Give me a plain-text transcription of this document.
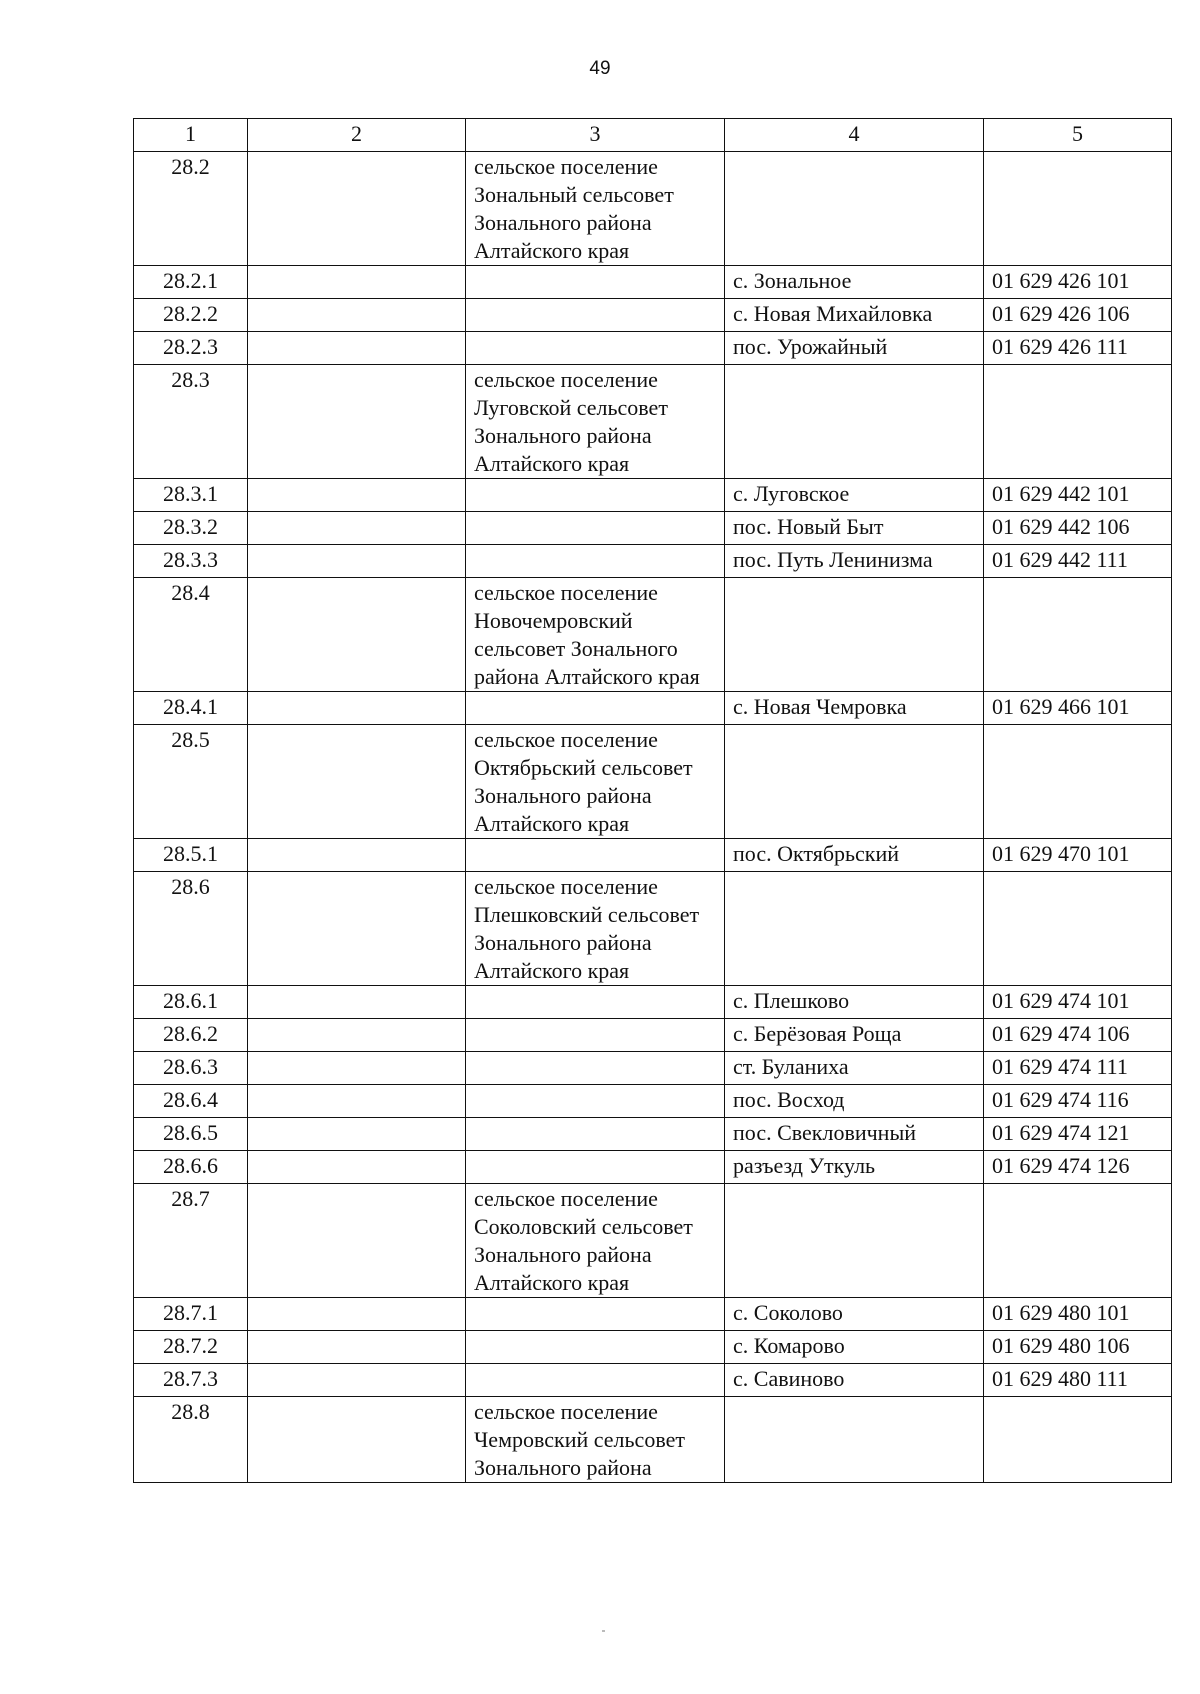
49
1	2	3	4	5
28.2		сельское поселение Зональный сельсовет Зонального района Алтайского края		
28.2.1			с. Зональное	01 629 426 101
28.2.2			с. Новая Михайловка	01 629 426 106
28.2.3			пос. Урожайный	01 629 426 111
28.3		сельское поселение Луговской сельсовет Зонального района Алтайского края		
28.3.1			с. Луговское	01 629 442 101
28.3.2			пос. Новый Быт	01 629 442 106
28.3.3			пос. Путь Ленинизма	01 629 442 111
28.4		сельское поселение Новочемровский сельсовет Зонального района Алтайского края		
28.4.1			с. Новая Чемровка	01 629 466 101
28.5		сельское поселение Октябрьский сельсовет Зонального района Алтайского края		
28.5.1			пос. Октябрьский	01 629 470 101
28.6		сельское поселение Плешковский сельсовет Зонального района Алтайского края		
28.6.1			с. Плешково	01 629 474 101
28.6.2			с. Берёзовая Роща	01 629 474 106
28.6.3			ст. Буланиха	01 629 474 111
28.6.4			пос. Восход	01 629 474 116
28.6.5			пос. Свекловичный	01 629 474 121
28.6.6			разъезд Уткуль	01 629 474 126
28.7		сельское поселение Соколовский сельсовет Зонального района Алтайского края		
28.7.1			с. Соколово	01 629 480 101
28.7.2			с. Комарово	01 629 480 106
28.7.3			с. Савиново	01 629 480 111
28.8		сельское поселение Чемровский сельсовет Зонального района		
